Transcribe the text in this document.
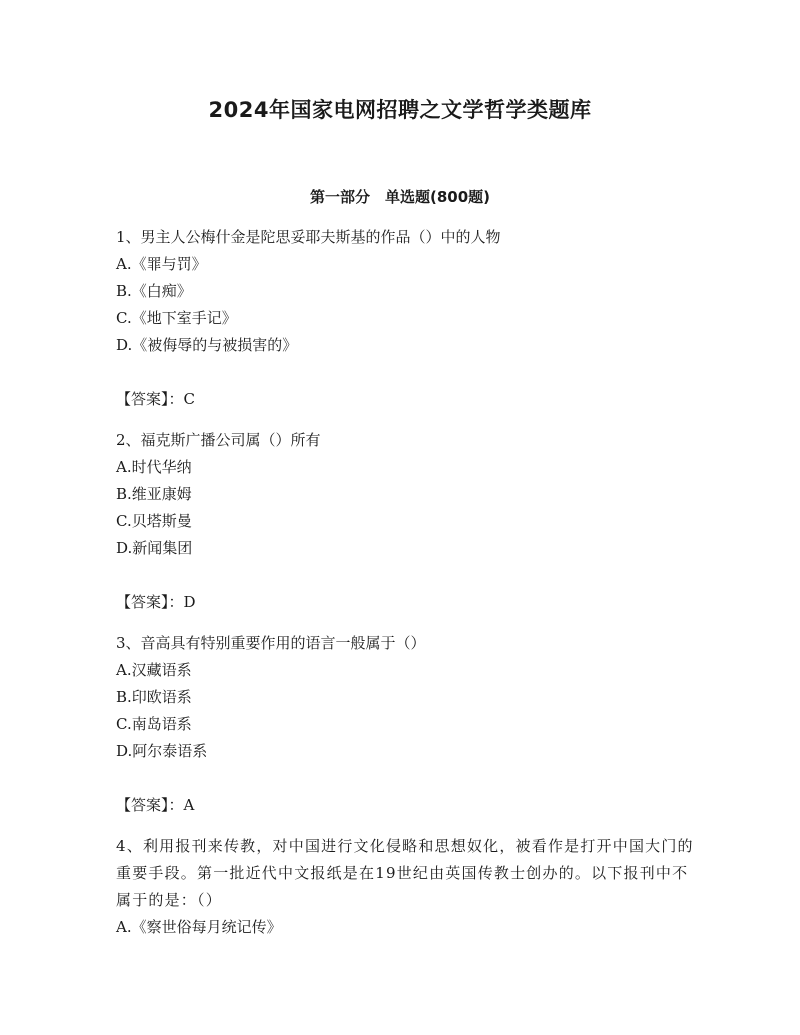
2024年国家电网招聘之文学哲学类题库
第一部分　单选题(800题)

1、男主人公梅什金是陀思妥耶夫斯基的作品（）中的人物

A.《罪与罚》

B.《白痴》

C.《地下室手记》

D.《被侮辱的与被损害的》

【答案】：C

2、福克斯广播公司属（）所有

A.时代华纳

B.维亚康姆

C.贝塔斯曼

D.新闻集团

【答案】：D

3、音高具有特别重要作用的语言一般属于（）

A.汉藏语系

B.印欧语系

C.南岛语系

D.阿尔泰语系

【答案】：A

4、利用报刊来传教，对中国进行文化侵略和思想奴化，被看作是打开中国大门的重要手段。第一批近代中文报纸是在19世纪由英国传教士创办的。以下报刊中不属于的是：（）

A.《察世俗每月统记传》
